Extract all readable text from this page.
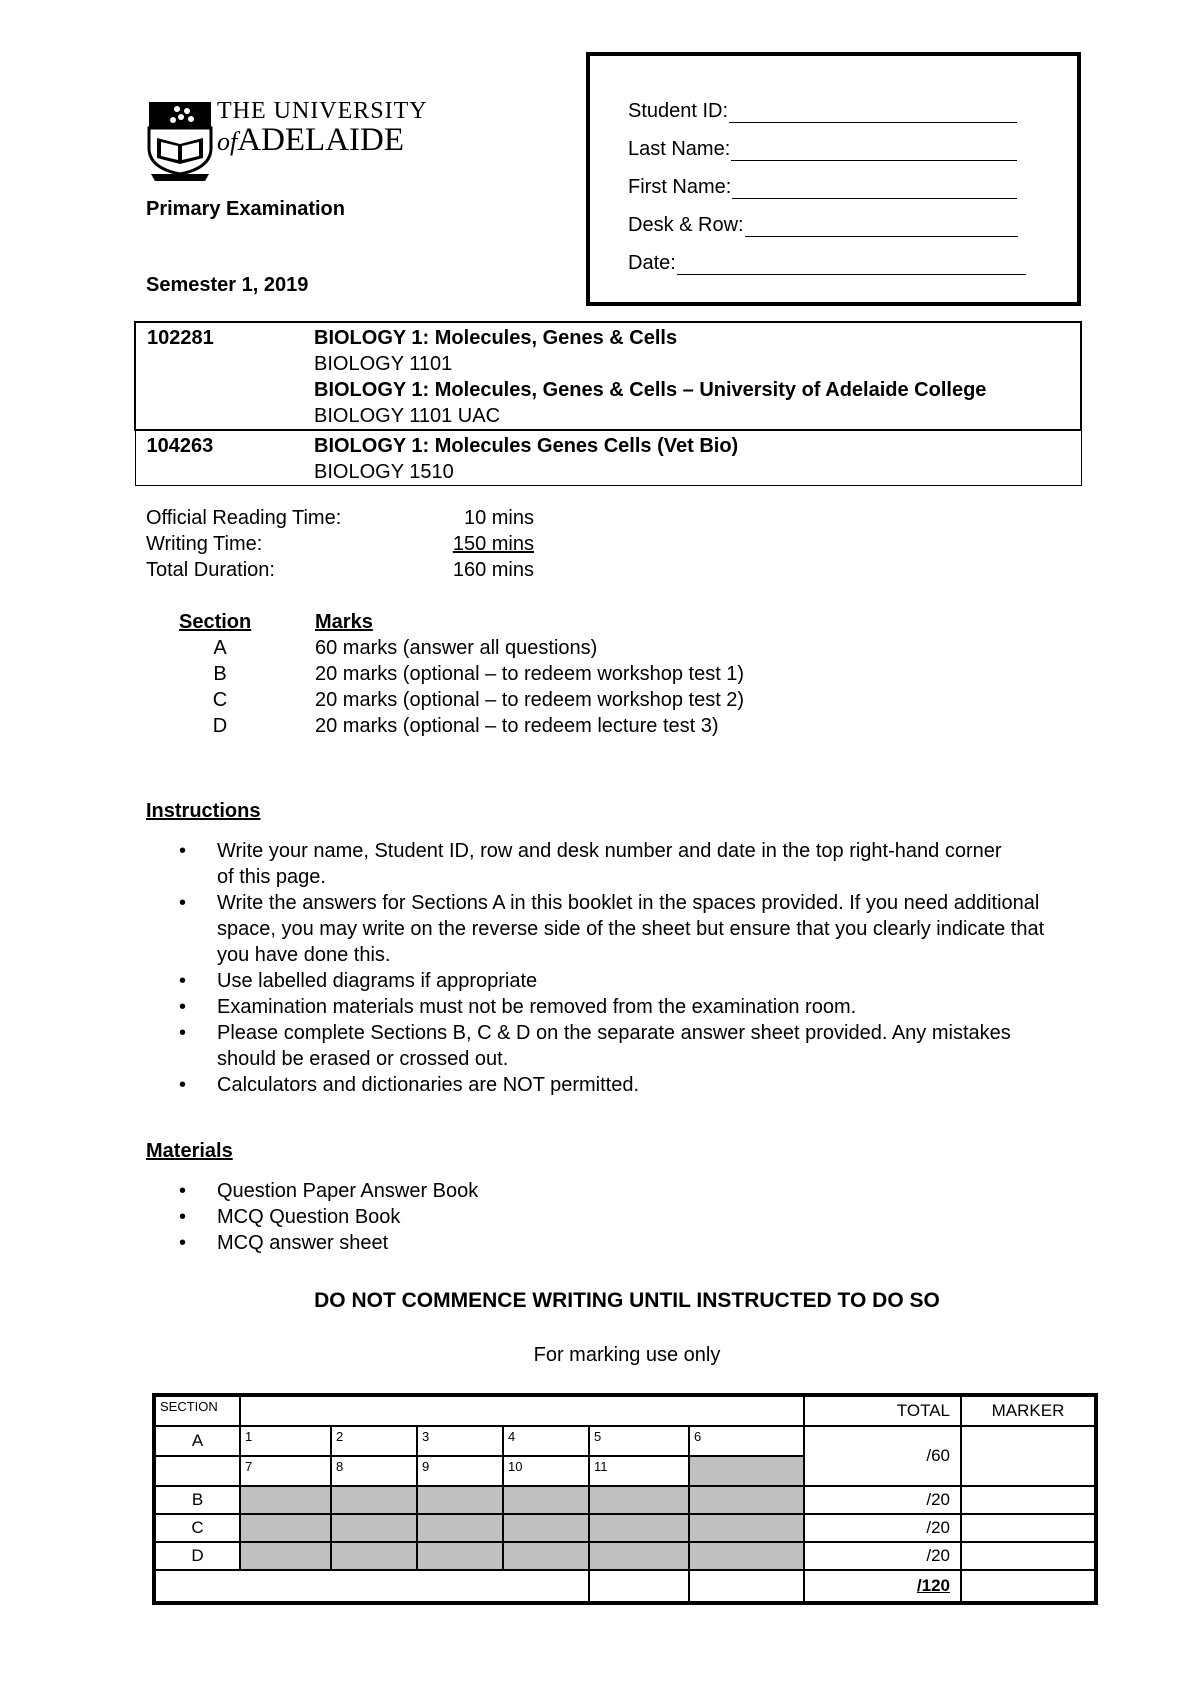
THE UNIVERSITY
ofADELAIDE
Primary Examination
Semester 1, 2019
Student ID:
Last Name:
First Name:
Desk & Row:
Date:
102281	BIOLOGY 1: Molecules, Genes & Cells
BIOLOGY 1101
BIOLOGY 1: Molecules, Genes & Cells – University of Adelaide College
BIOLOGY 1101 UAC

104263	BIOLOGY 1: Molecules Genes Cells (Vet Bio)
BIOLOGY 1510
Official Reading Time:	10 mins
Writing Time:	150 mins
Total Duration:	160 mins
Section	Marks
A	60 marks (answer all questions)
B	20 marks (optional – to redeem workshop test 1)
C	20 marks (optional – to redeem workshop test 2)
D	20 marks (optional – to redeem lecture test 3)
Instructions
• Write your name, Student ID, row and desk number and date in the top right-hand corner of this page.
• Write the answers for Sections A in this booklet in the spaces provided. If you need additional space, you may write on the reverse side of the sheet but ensure that you clearly indicate that you have done this.
• Use labelled diagrams if appropriate
• Examination materials must not be removed from the examination room.
• Please complete Sections B, C & D on the separate answer sheet provided. Any mistakes should be erased or crossed out.
• Calculators and dictionaries are NOT permitted.
Materials
• Question Paper Answer Book
• MCQ Question Book
• MCQ answer sheet
DO NOT COMMENCE WRITING UNTIL INSTRUCTED TO DO SO
For marking use only
SECTION							TOTAL	MARKER
A	1	2	3	4	5	6	/60	
	7	8	9	10	11			
B							/20	
C							/20	
D							/20	
							/120	
